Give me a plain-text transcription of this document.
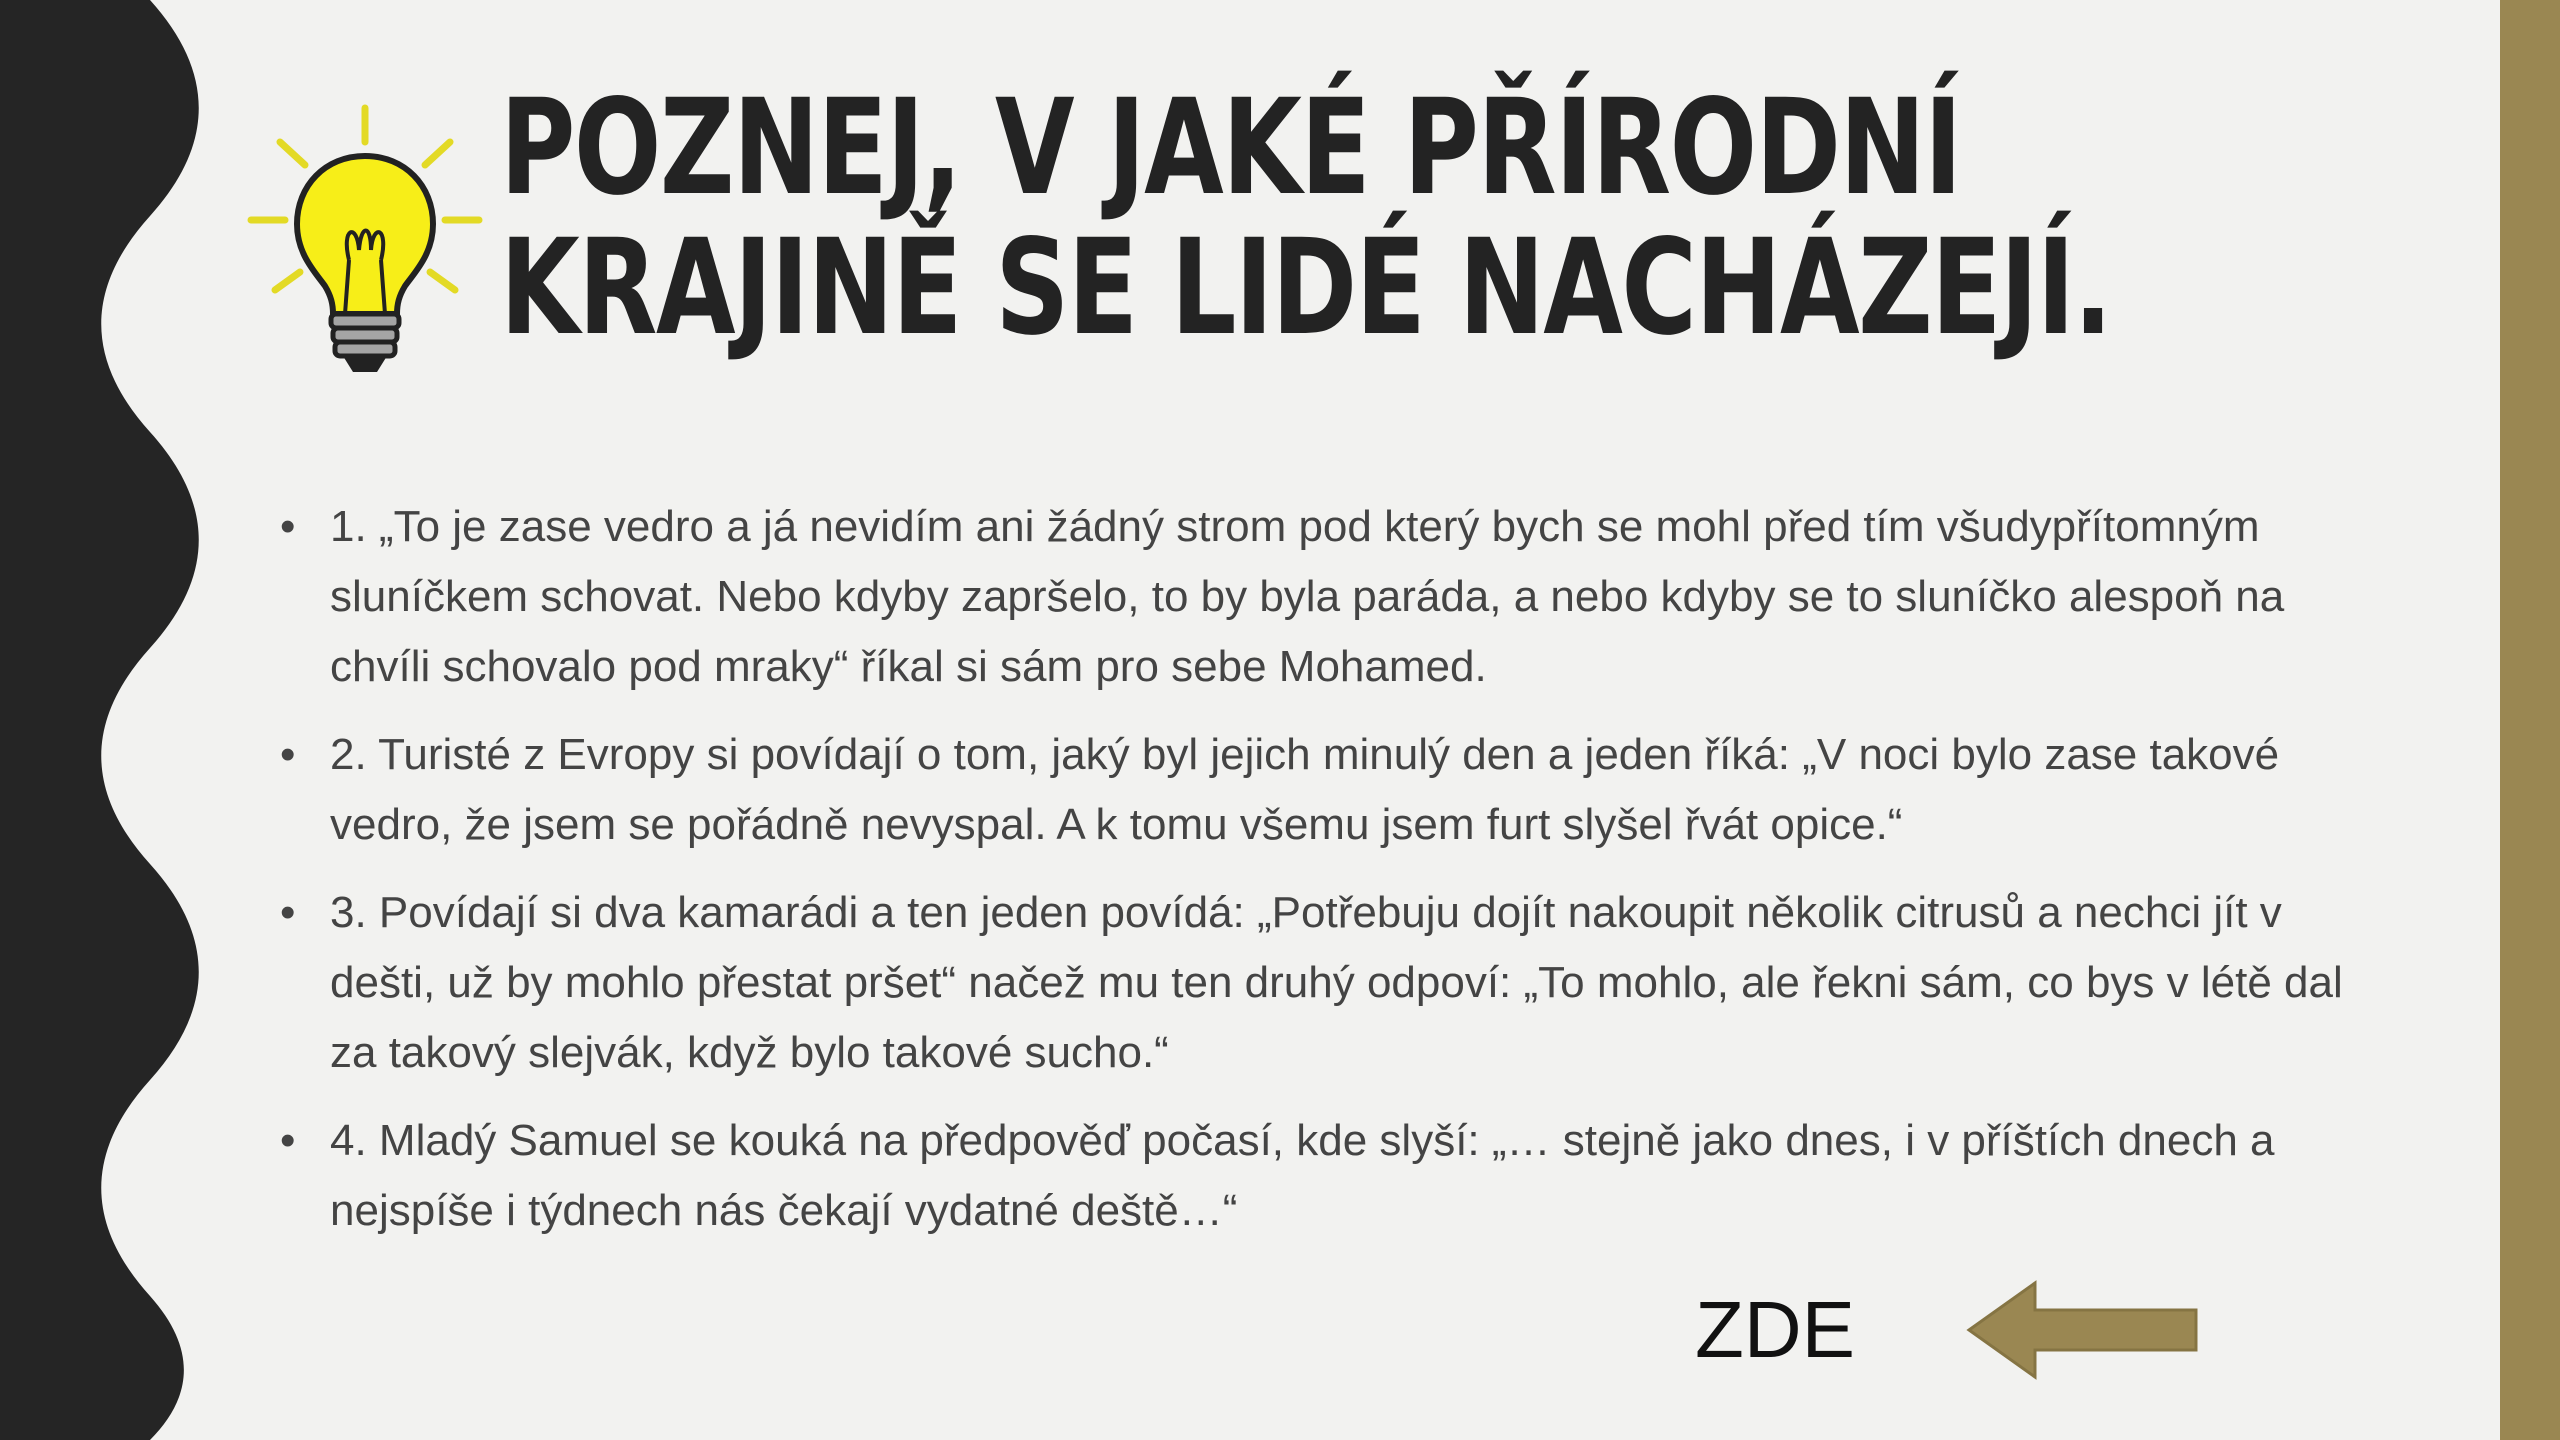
POZNEJ, V JAKÉ PŘÍRODNÍ
KRAJINĚ SE LIDÉ NACHÁZEJÍ.
• 1. „To je zase vedro a já nevidím ani žádný strom pod který bych se mohl před tím všudypřítomným sluníčkem schovat. Nebo kdyby zapršelo, to by byla paráda, a nebo kdyby se to sluníčko alespoň na chvíli schovalo pod mraky“ říkal si sám pro sebe Mohamed.
• 2. Turisté z Evropy si povídají o tom, jaký byl jejich minulý den a jeden říká: „V noci bylo zase takové vedro, že jsem se pořádně nevyspal. A k tomu všemu jsem furt slyšel řvát opice.“
• 3. Povídají si dva kamarádi a ten jeden povídá: „Potřebuju dojít nakoupit několik citrusů a nechci jít v dešti, už by mohlo přestat pršet“ načež mu ten druhý odpoví: „To mohlo, ale řekni sám, co bys v létě dal za takový slejvák, když bylo takové sucho.“
• 4. Mladý Samuel se kouká na předpověď počasí, kde slyší: „… stejně jako dnes, i v příštích dnech a nejspíše i týdnech nás čekají vydatné deště…“
ZDE
